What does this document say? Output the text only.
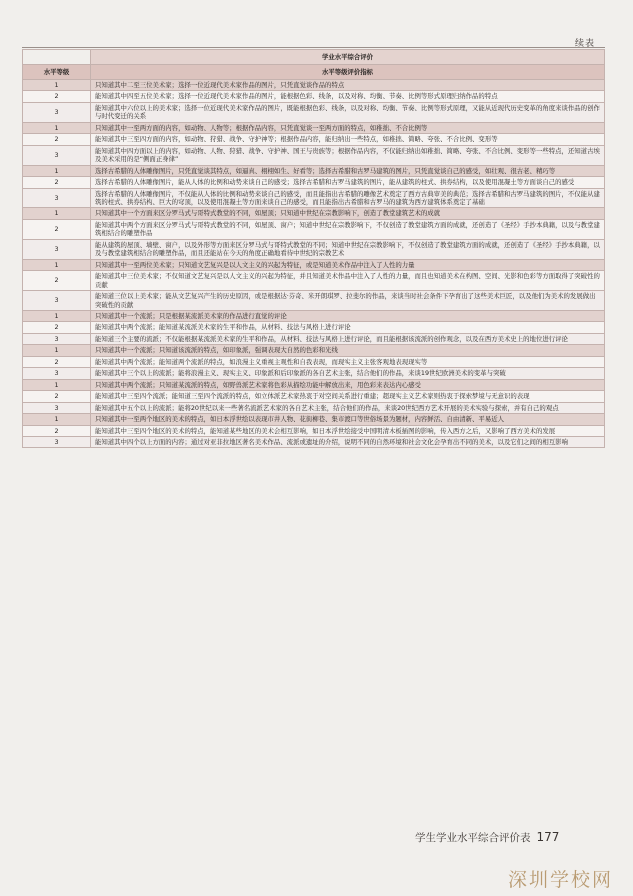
续表
	学业水平综合评价
水平等级	水平等级评价指标
1	只知道其中二至三位美术家；选择一位近现代美术家作品的图片，只凭直觉谈作品的特点
2	能知道其中四至五位美术家；选择一位近现代美术家作品的图片，能根据色彩、线条，以及对称、均衡、节奏、比例等形式原理归纳作品的特点
3	能知道其中六位以上的美术家；选择一位近现代美术家作品的图片，既能根据色彩、线条，以及对称、均衡、节奏、比例等形式原理，又能从近现代历史变革的角度来谈作品的创作与时代变迁的关系
1	只知道其中一至两方面的内容，如动物、人物等；根据作品内容，只凭直觉谈一至两方面的特点，如稚拙、不合比例等
2	能知道其中三至四方面的内容，如动物、狩猎、战争、守护神等；根据作品内容，能归纳出一些特点，如稚拙、简略、夸张、不合比例、变形等
3	能知道其中四方面以上的内容，如动物、人物、狩猎、战争、守护神、国王与贵族等；根据作品内容，不仅能归纳出如稚拙、简略、夸张、不合比例、变形等一些特点，还知道古埃及美术采用的是“侧面正身律”
1	选择古希腊的人体雕像图片，只凭直觉谈其特点，如逼真、栩栩如生、好看等；选择古希腊和古罗马建筑的图片，只凭直觉谈自己的感受，如壮观、很古老、精巧等
2	选择古希腊的人体雕像图片，能从人体的比例和动势来谈自己的感受；选择古希腊和古罗马建筑的图片，能从建筑的柱式、拱券结构，以及使用混凝土等方面谈自己的感受
3	选择古希腊的人体雕像图片，不仅能从人体的比例和动势来谈自己的感受，而且能指出古希腊的雕像艺术奠定了西方古典审美的典范；选择古希腊和古罗马建筑的图片，不仅能从建筑的柱式、拱券结构、巨大的穹顶，以及使用混凝土等方面来谈自己的感受，而且能指出古希腊和古罗马的建筑为西方建筑体系奠定了基础
1	只知道其中一个方面来区分罗马式与哥特式教堂的不同，如屋顶；只知道中世纪在宗教影响下，创造了教堂建筑艺术的成就
2	能知道其中两个方面来区分罗马式与哥特式教堂的不同，如屋顶、窗户；知道中世纪在宗教影响下，不仅创造了教堂建筑方面的成就，还创造了《圣经》手抄本典籍，以及与教堂建筑相结合的雕塑作品
3	能从建筑的屋顶、墙壁、窗户，以及外形等方面来区分罗马式与哥特式教堂的不同；知道中世纪在宗教影响下，不仅创造了教堂建筑方面的成就，还创造了《圣经》手抄本典籍，以及与教堂建筑相结合的雕塑作品，而且还能站在今天的角度正确地看待中世纪的宗教艺术
1	只知道其中一至两位美术家；只知道文艺复兴是以人文主义的兴起为特征，或是知道美术作品中注入了人性的力量
2	能知道其中三位美术家；不仅知道文艺复兴是以人文主义的兴起为特征，并且知道美术作品中注入了人性的力量，而且也知道美术在构图、空间、光影和色彩等方面取得了突破性的贡献
3	能知道三位以上美术家；能从文艺复兴产生的历史原因，或是根据达·芬奇、米开朗琪罗、拉斐尔的作品，来谈当时社会条件下孕育出了这些美术巨匠，以及他们为美术的发展做出突破性的贡献
1	只知道其中一个流派；只是根据某流派美术家的作品进行直觉的评论
2	能知道其中两个流派；能知道某流派美术家的生平和作品，从材料、技法与风格上进行评论
3	能知道三个主要的流派；不仅能根据某流派美术家的生平和作品，从材料、技法与风格上进行评论，而且能根据该流派的创作观念，以及在西方美术史上的地位进行评论
1	只知道其中一个流派；只知道该流派的特点，如印象派，强调表现大自然的色彩和光线
2	能知道其中两个流派；能知道两个流派的特点，如浪漫主义重视主观性和自我表现，而现实主义主张客观地表现现实等
3	能知道其中三个以上的流派；能将浪漫主义、现实主义、印象派和后印象派的各自艺术主张，结合他们的作品，来谈19世纪欧洲美术的变革与突破
1	只知道其中两个流派；只知道某流派的特点，如野兽派艺术家将色彩从描绘功能中解放出来，用色彩来表达内心感受
2	能知道其中三至四个流派；能知道三至四个流派的特点，如立体派艺术家热衷于对空间关系进行重建；超现实主义艺术家则热衷于探索梦境与无意识的表现
3	能知道其中五个以上的流派；能将20世纪以来一些著名流派艺术家的各自艺术主张，结合他们的作品，来谈20世纪西方艺术开展的美术实验与探索，并有自己的观点
1	只知道其中一至两个地区的美术的特点，如日本浮世绘以表现市井人物、花街柳巷、集市渡口等世俗场景为题材，内容鲜活、自由清新、平易近人
2	能知道其中三至四个地区的美术的特点，能知道某些地区的美术会相互影响，如日本浮世绘接受中国明清木板插图的影响，传入西方之后，又影响了西方美术的发展
3	能知道其中四个以上方面的内容；通过对亚非拉地区著名美术作品、流派或遗址的介绍，说明不同的自然环境和社会文化会孕育出不同的美术，以及它们之间的相互影响
学生学业水平综合评价表 177
深圳学校网
